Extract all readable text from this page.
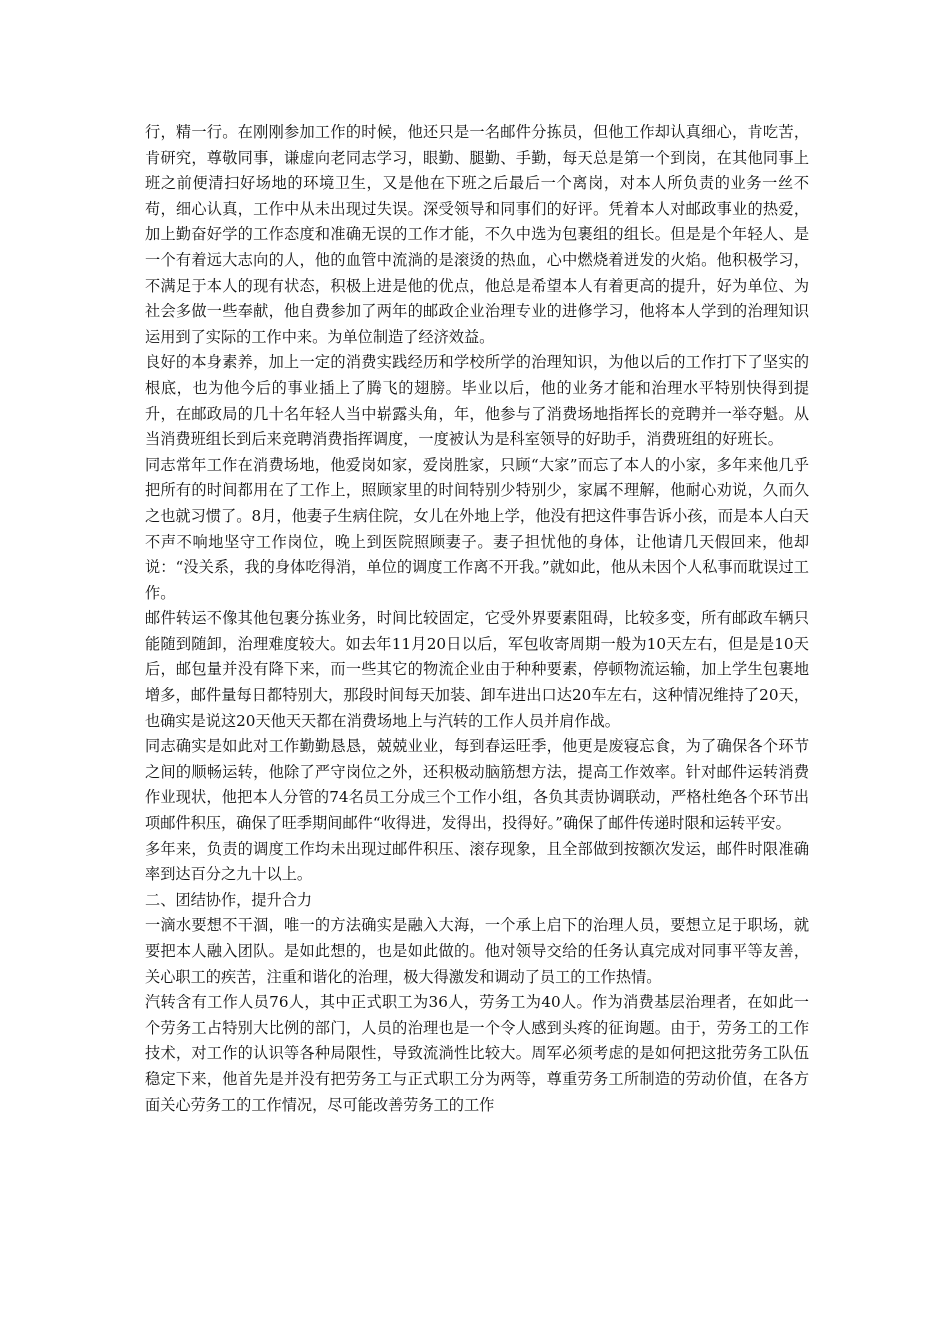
行，精一行。在刚刚参加工作的时候，他还只是一名邮件分拣员，但他工作却认真细心，肯吃苦，肯研究，尊敬同事，谦虚向老同志学习，眼勤、腿勤、手勤，每天总是第一个到岗，在其他同事上班之前便清扫好场地的环境卫生，又是他在下班之后最后一个离岗，对本人所负责的业务一丝不苟，细心认真，工作中从未出现过失误。深受领导和同事们的好评。凭着本人对邮政事业的热爱，加上勤奋好学的工作态度和准确无误的工作才能，不久中选为包裹组的组长。但是是个年轻人、是一个有着远大志向的人，他的血管中流淌的是滚烫的热血，心中燃烧着迸发的火焰。他积极学习，不满足于本人的现有状态，积极上进是他的优点，他总是希望本人有着更高的提升，好为单位、为社会多做一些奉献，他自费参加了两年的邮政企业治理专业的进修学习，他将本人学到的治理知识运用到了实际的工作中来。为单位制造了经济效益。

良好的本身素养，加上一定的消费实践经历和学校所学的治理知识，为他以后的工作打下了坚实的根底，也为他今后的事业插上了腾飞的翅膀。毕业以后，他的业务才能和治理水平特别快得到提升，在邮政局的几十名年轻人当中崭露头角，年，他参与了消费场地指挥长的竞聘并一举夺魁。从当消费班组长到后来竞聘消费指挥调度，一度被认为是科室领导的好助手，消费班组的好班长。

同志常年工作在消费场地，他爱岗如家，爱岗胜家，只顾“大家”而忘了本人的小家，多年来他几乎把所有的时间都用在了工作上，照顾家里的时间特别少特别少，家属不理解，他耐心劝说，久而久之也就习惯了。8月，他妻子生病住院，女儿在外地上学，他没有把这件事告诉小孩，而是本人白天不声不响地坚守工作岗位，晚上到医院照顾妻子。妻子担忧他的身体，让他请几天假回来，他却说：“没关系，我的身体吃得消，单位的调度工作离不开我。”就如此，他从未因个人私事而耽误过工作。

邮件转运不像其他包裹分拣业务，时间比较固定，它受外界要素阻碍，比较多变，所有邮政车辆只能随到随卸，治理难度较大。如去年11月20日以后，军包收寄周期一般为10天左右，但是是10天后，邮包量并没有降下来，而一些其它的物流企业由于种种要素，停顿物流运输，加上学生包裹地增多，邮件量每日都特别大，那段时间每天加装、卸车进出口达20车左右，这种情况维持了20天，也确实是说这20天他天天都在消费场地上与汽转的工作人员并肩作战。

同志确实是如此对工作勤勤恳恳，兢兢业业，每到春运旺季，他更是废寝忘食，为了确保各个环节之间的顺畅运转，他除了严守岗位之外，还积极动脑筋想方法，提高工作效率。针对邮件运转消费作业现状，他把本人分管的74名员工分成三个工作小组，各负其责协调联动，严格杜绝各个环节出项邮件积压，确保了旺季期间邮件“收得进，发得出，投得好。”确保了邮件传递时限和运转平安。

多年来，负责的调度工作均未出现过邮件积压、滚存现象，且全部做到按额次发运，邮件时限准确率到达百分之九十以上。

二、团结协作，提升合力

一滴水要想不干涸，唯一的方法确实是融入大海，一个承上启下的治理人员，要想立足于职场，就要把本人融入团队。是如此想的，也是如此做的。他对领导交给的任务认真完成对同事平等友善，关心职工的疾苦，注重和谐化的治理，极大得激发和调动了员工的工作热情。

汽转含有工作人员76人，其中正式职工为36人，劳务工为40人。作为消费基层治理者，在如此一个劳务工占特别大比例的部门，人员的治理也是一个令人感到头疼的征询题。由于，劳务工的工作技术，对工作的认识等各种局限性，导致流淌性比较大。周军必须考虑的是如何把这批劳务工队伍稳定下来，他首先是并没有把劳务工与正式职工分为两等，尊重劳务工所制造的劳动价值，在各方面关心劳务工的工作情况，尽可能改善劳务工的工作
